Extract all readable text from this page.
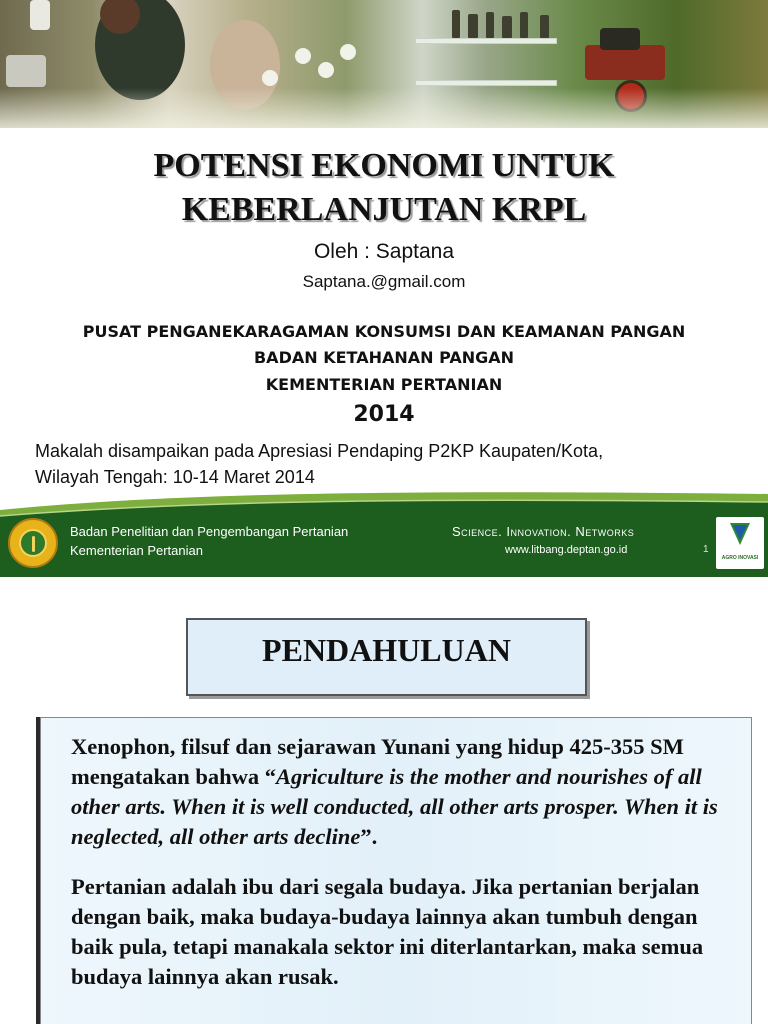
POTENSI EKONOMI UNTUK
KEBERLANJUTAN KRPL
Oleh : Saptana
Saptana.@gmail.com
PUSAT PENGANEKARAGAMAN KONSUMSI DAN KEAMANAN PANGAN
BADAN KETAHANAN PANGAN
KEMENTERIAN PERTANIAN
2014
Makalah disampaikan pada Apresiasi Pendaping P2KP Kaupaten/Kota,
Wilayah Tengah: 10-14 Maret 2014
Badan Penelitian dan Pengembangan Pertanian
Kementerian Pertanian
Science. Innovation. Networks
www.litbang.deptan.go.id	1
AGRO INOVASI
PENDAHULUAN

Xenophon, filsuf dan sejarawan Yunani yang hidup 425-355 SM mengatakan bahwa “Agriculture is the mother and nourishes of all other arts. When it is well conducted, all other arts prosper. When it is neglected, all other arts decline”.

Pertanian adalah ibu dari segala budaya. Jika pertanian berjalan dengan baik, maka budaya-budaya lainnya akan tumbuh dengan baik pula, tetapi manakala sektor ini diterlantarkan, maka semua budaya lainnya akan rusak.
